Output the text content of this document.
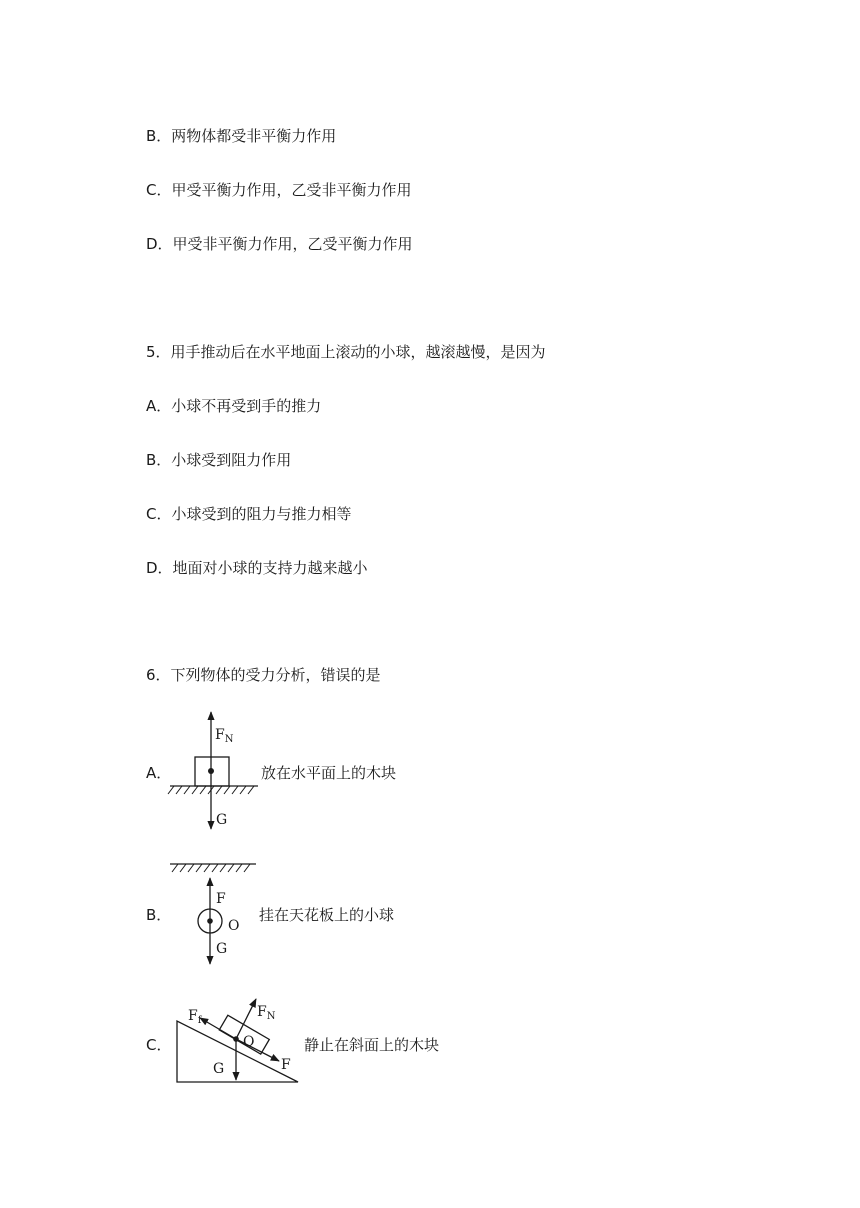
B．两物体都受非平衡力作用
C．甲受平衡力作用，乙受非平衡力作用
D．甲受非平衡力作用，乙受平衡力作用
5．用手推动后在水平地面上滚动的小球，越滚越慢，是因为
A．小球不再受到手的推力
B．小球受到阻力作用
C．小球受到的阻力与推力相等
D．地面对小球的支持力越来越小
6．下列物体的受力分析，错误的是
A．
$F_N$
G
放在水平面上的木块
B．
F
O
G
挂在天花板上的小球
C．
$F_f$
$F_N$
O
G	F
静止在斜面上的木块
